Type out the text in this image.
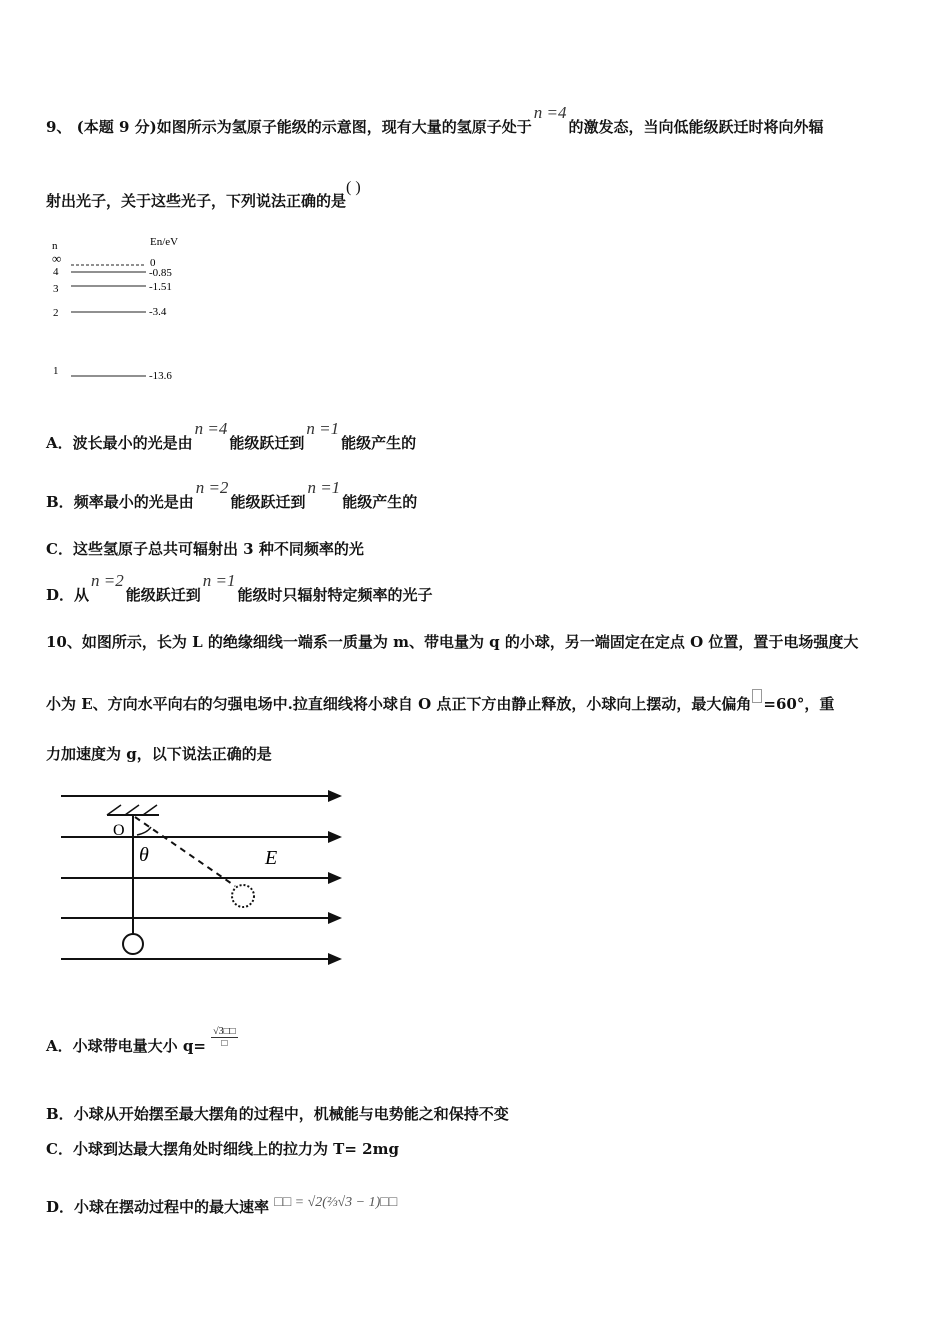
9、 (本题 9 分)如图所示为氢原子能级的示意图，现有大量的氢原子处于n =4的激发态，当向低能级跃迁时将向外辐
射出光子，关于这些光子，下列说法正确的是( )
n	En/eV
∞	0
4	-0.85
3	-1.51
2	-3.4
1	-13.6
A．波长最小的光是由n =4能级跃迁到n =1能级产生的
B．频率最小的光是由n =2能级跃迁到n =1能级产生的
C．这些氢原子总共可辐射出 3 种不同频率的光
D．从n =2能级跃迁到n =1能级时只辐射特定频率的光子
10、如图所示，长为 L 的绝缘细线一端系一质量为 m、带电量为 q 的小球，另一端固定在定点 O 位置，置于电场强度大
小为 E、方向水平向右的匀强电场中.拉直细线将小球自 O 点正下方由静止释放，小球向上摆动，最大偏角 =60°，重
力加速度为 g，以下说法正确的是
O
θ	E
A．小球带电量大小 $q= \frac{√3□□}{□}$
B．小球从开始摆至最大摆角的过程中，机械能与电势能之和保持不变
C．小球到达最大摆角处时细线上的拉力为 T= 2mg
D．小球在摆动过程中的最大速率 □□ = √2(⅔√3 − 1)□□
